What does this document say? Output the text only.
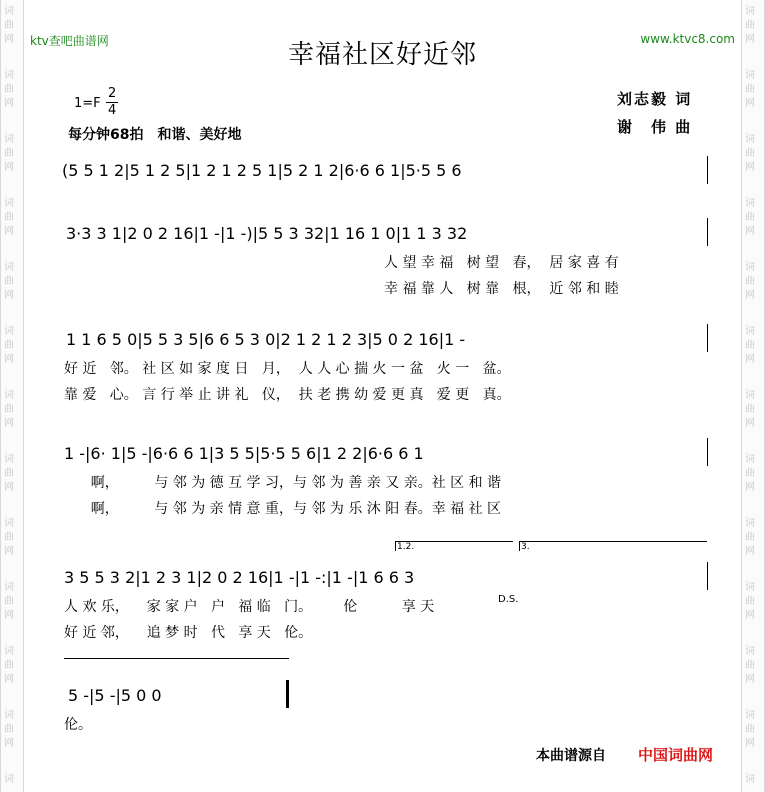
词
曲
网
词
曲
网
词
曲
网
词
曲
网
词
曲
网
词
曲
网
词
曲
网
词
曲
网
词
曲
网
词
曲
网
词
曲
网
词
曲
网
词
词
曲
网
词
曲
网
词
曲
网
词
曲
网
词
曲
网
词
曲
网
词
曲
网
词
曲
网
词
曲
网
词
曲
网
词
曲
网
词
曲
网
词
ktv查吧曲谱网	www.ktvc8.com
幸福社区好近邻
1=F
2
4
每分钟68拍　和谐、美好地
刘志毅 词
谢　伟 曲
(5 5 1 2|5 1 2 5|1 2 1 2 5 1|5 2 1 2|6·6 6 1|5·5 5 6
3·3 3 1|2 0 2 16|1 -|1 -)|5 5 3 32|1 16 1 0|1 1 3 32
人 望 幸 福   树 望   春，  居 家 喜 有
幸 福 靠 人   树 靠   根，  近 邻 和 睦
1 1 6 5 0|5 5 3 5|6 6 5 3 0|2 1 2 1 2 3|5 0 2 16|1 -
好 近   邻。 社 区 如 家 度 日   月，  人 人 心 揣 火 一 盆   火 一   盆。
靠 爱   心。 言 行 举 止 讲 礼   仪，  扶 老 携 幼 爱 更 真   爱 更   真。
1 -|6· 1|5 -|6·6 6 1|3 5 5|5·5 5 6|1 2 2|6·6 6 1
啊，        与 邻 为 德 互 学 习，与 邻 为 善 亲 又 亲。社 区 和 谐
啊，        与 邻 为 亲 情 意 重，与 邻 为 乐 沐 阳 春。幸 福 社 区
1.2.	3.
3 5 5 3 2|1 2 3 1|2 0 2 16|1 -|1 -:|1 -|1 6 6 3
D.S.
人 欢 乐，    家 家 户   户   福 临   门。       伦          享 天
好 近 邻，    追 梦 时   代   享 天   伦。
5 -|5 -|5 0 0
伦。
本曲谱源自 中国词曲网
